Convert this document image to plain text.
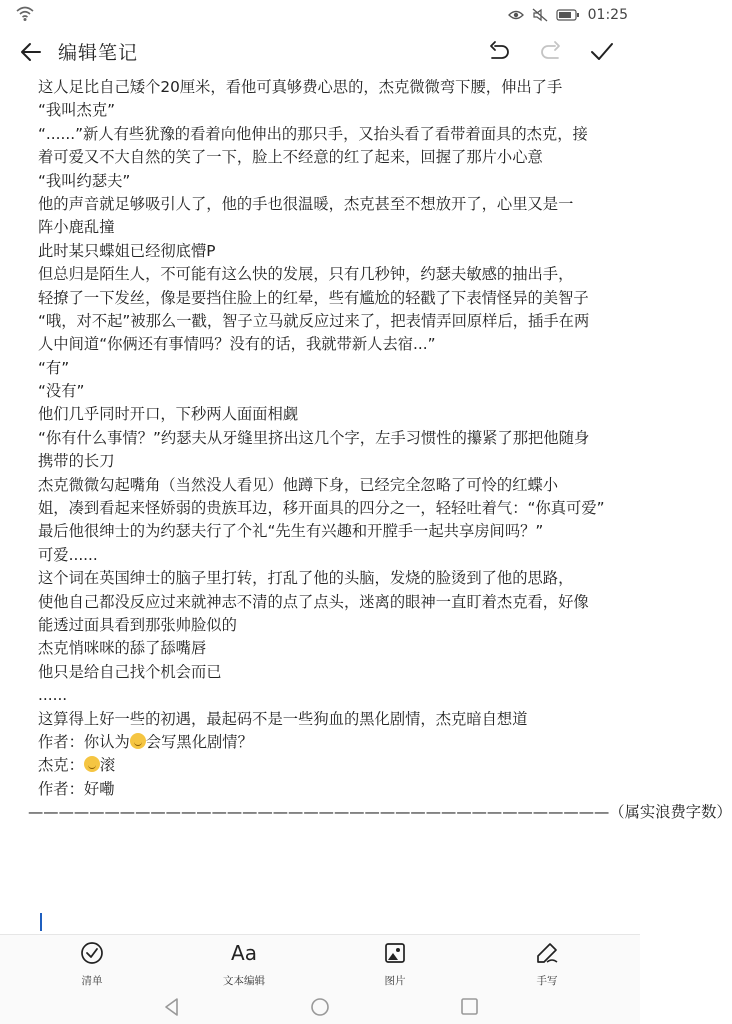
01:25
编辑笔记
这人足比自己矮个20厘米，看他可真够费心思的，杰克微微弯下腰，伸出了手
“我叫杰克”
“......”新人有些犹豫的看着向他伸出的那只手，又抬头看了看带着面具的杰克，接
着可爱又不大自然的笑了一下，脸上不经意的红了起来，回握了那片小心意
“我叫约瑟夫”
他的声音就足够吸引人了，他的手也很温暖，杰克甚至不想放开了，心里又是一
阵小鹿乱撞
此时某只蝶姐已经彻底懵P
但总归是陌生人，不可能有这么快的发展，只有几秒钟，约瑟夫敏感的抽出手，
轻撩了一下发丝，像是要挡住脸上的红晕，些有尴尬的轻戳了下表情怪异的美智子
“哦，对不起”被那么一戳，智子立马就反应过来了，把表情弄回原样后，插手在两
人中间道“你俩还有事情吗？没有的话，我就带新人去宿...”
“有”
“没有”
他们几乎同时开口，下秒两人面面相觑
“你有什么事情？”约瑟夫从牙缝里挤出这几个字，左手习惯性的攥紧了那把他随身
携带的长刀
杰克微微勾起嘴角（当然没人看见）他蹲下身，已经完全忽略了可怜的红蝶小
姐，凑到看起来怪娇弱的贵族耳边，移开面具的四分之一，轻轻吐着气：“你真可爱”
最后他很绅士的为约瑟夫行了个礼“先生有兴趣和开膛手一起共享房间吗？”
可爱......
这个词在英国绅士的脑子里打转，打乱了他的头脑，发烧的脸烫到了他的思路，
使他自己都没反应过来就神志不清的点了点头，迷离的眼神一直盯着杰克看，好像
能透过面具看到那张帅脸似的
杰克悄咪咪的舔了舔嘴唇
他只是给自己找个机会而已
......
这算得上好一些的初遇，最起码不是一些狗血的黑化剧情，杰克暗自想道
作者：你认为 会写黑化剧情？
杰克： 滚
作者：好嘞
——————————————————————————————————————（属实浪费字数）
清单
Aa
文本编辑	图片	手写
